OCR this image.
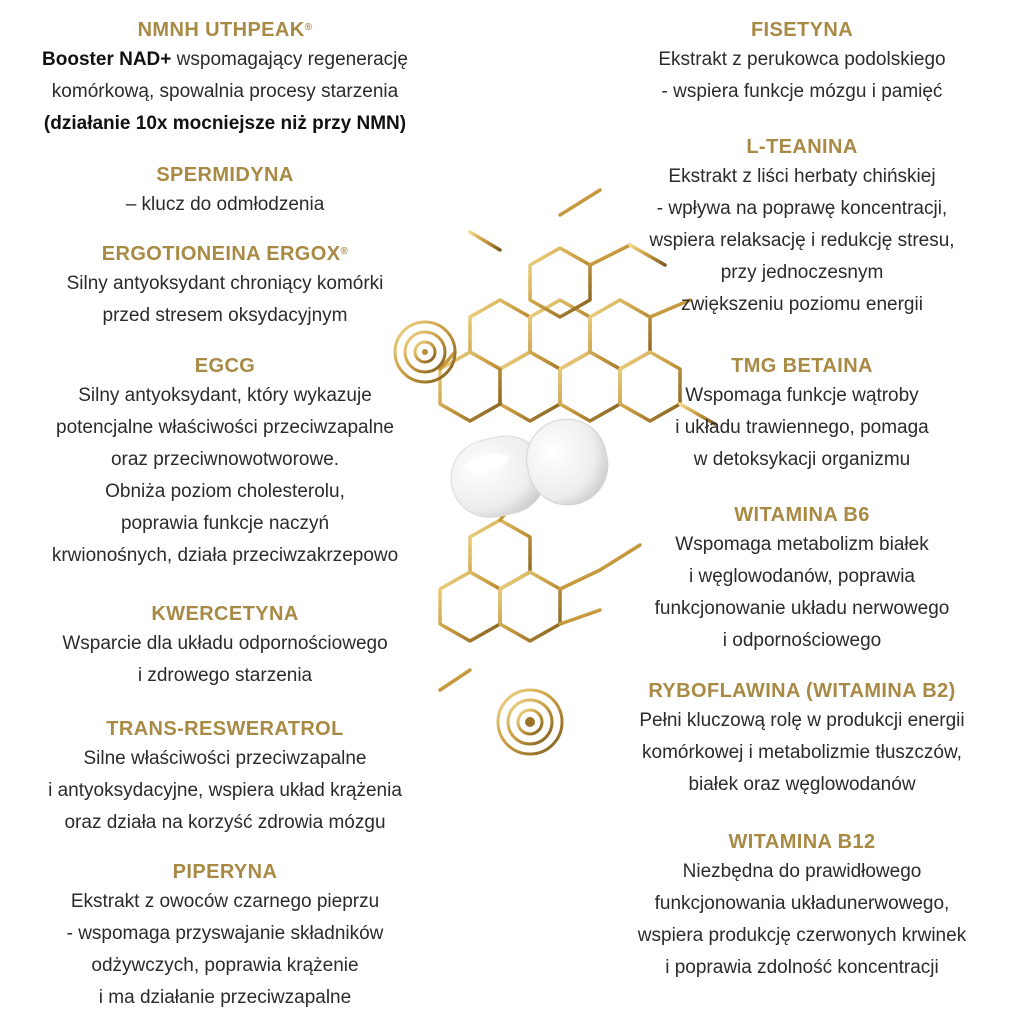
NMNH UTHPEAK®
Booster NAD+ wspomagający regenerację
komórkową, spowalnia procesy starzenia
(działanie 10x mocniejsze niż przy NMN)
SPERMIDYNA
– klucz do odmłodzenia
ERGOTIONEINA ERGOX®
Silny antyoksydant chroniący komórki
przed stresem oksydacyjnym
EGCG
Silny antyoksydant, który wykazuje
potencjalne właściwości przeciwzapalne
oraz przeciwnowotworowe.
Obniża poziom cholesterolu,
poprawia funkcje naczyń
krwionośnych, działa przeciwzakrzepowo
KWERCETYNA
Wsparcie dla układu odpornościowego
i zdrowego starzenia
TRANS-RESWERATROL
Silne właściwości przeciwzapalne
i antyoksydacyjne, wspiera układ krążenia
oraz działa na korzyść zdrowia mózgu
PIPERYNA
Ekstrakt z owoców czarnego pieprzu
- wspomaga przyswajanie składników
odżywczych, poprawia krążenie
i ma działanie przeciwzapalne
FISETYNA
Ekstrakt z perukowca podolskiego
- wspiera funkcje mózgu i pamięć
L-TEANINA
Ekstrakt z liści herbaty chińskiej
- wpływa na poprawę koncentracji,
wspiera relaksację i redukcję stresu,
przy jednoczesnym
zwiększeniu poziomu energii
TMG BETAINA
Wspomaga funkcje wątroby
i układu trawiennego, pomaga
w detoksykacji organizmu
WITAMINA B6
Wspomaga metabolizm białek
i węglowodanów, poprawia
funkcjonowanie układu nerwowego
i odpornościowego
RYBOFLAWINA (WITAMINA B2)
Pełni kluczową rolę w produkcji energii
komórkowej i metabolizmie tłuszczów,
białek oraz węglowodanów
WITAMINA B12
Niezbędna do prawidłowego
funkcjonowania układunerwowego,
wspiera produkcję czerwonych krwinek
i poprawia zdolność koncentracji
